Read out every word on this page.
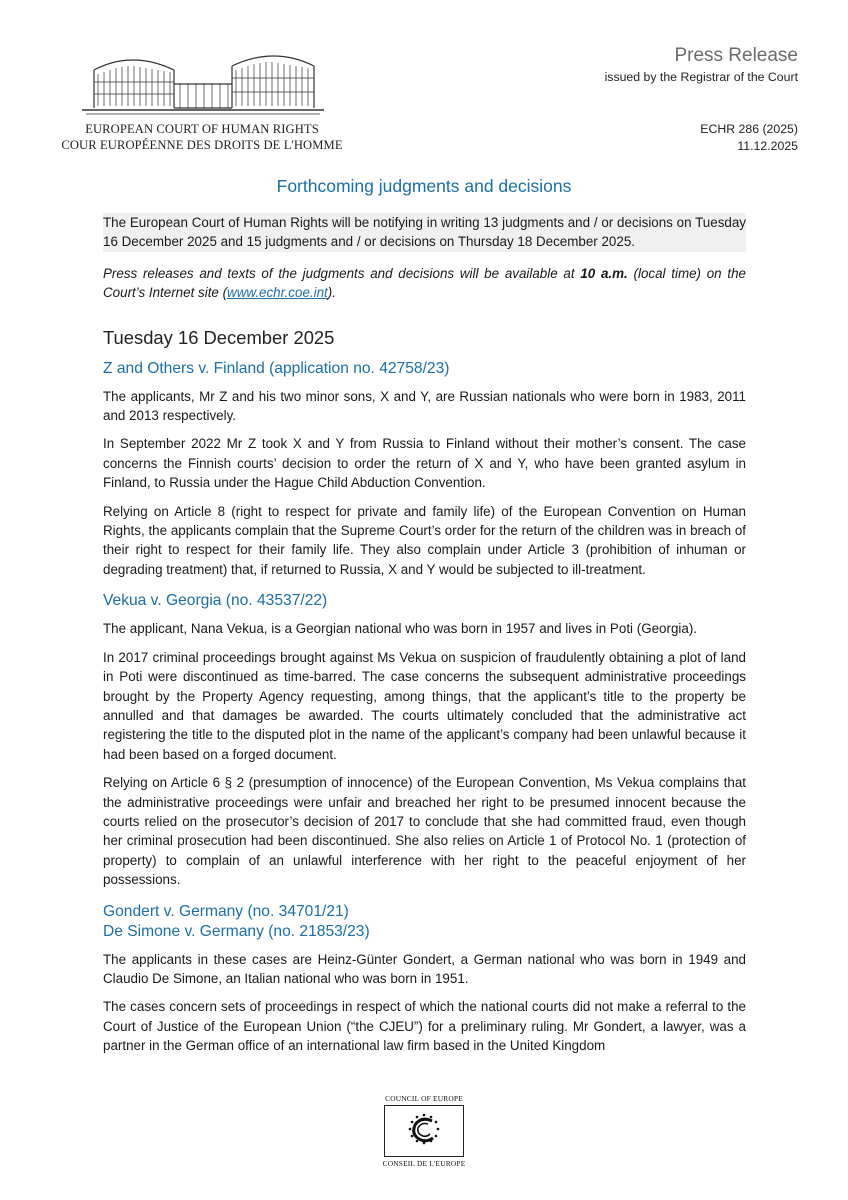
EUROPEAN COURT OF HUMAN RIGHTS
COUR EUROPÉENNE DES DROITS DE L'HOMME
Press Release
issued by the Registrar of the Court
ECHR 286 (2025)
11.12.2025
Forthcoming judgments and decisions

The European Court of Human Rights will be notifying in writing 13 judgments and / or decisions on Tuesday 16 December 2025 and 15 judgments and / or decisions on Thursday 18 December 2025.

Press releases and texts of the judgments and decisions will be available at 10 a.m. (local time) on the Court’s Internet site (www.echr.coe.int).

Tuesday 16 December 2025
Z and Others v. Finland (application no. 42758/23)

The applicants, Mr Z and his two minor sons, X and Y, are Russian nationals who were born in 1983, 2011 and 2013 respectively.

In September 2022 Mr Z took X and Y from Russia to Finland without their mother’s consent. The case concerns the Finnish courts’ decision to order the return of X and Y, who have been granted asylum in Finland, to Russia under the Hague Child Abduction Convention.

Relying on Article 8 (right to respect for private and family life) of the European Convention on Human Rights, the applicants complain that the Supreme Court’s order for the return of the children was in breach of their right to respect for their family life. They also complain under Article 3 (prohibition of inhuman or degrading treatment) that, if returned to Russia, X and Y would be subjected to ill-treatment.

Vekua v. Georgia (no. 43537/22)

The applicant, Nana Vekua, is a Georgian national who was born in 1957 and lives in Poti (Georgia).

In 2017 criminal proceedings brought against Ms Vekua on suspicion of fraudulently obtaining a plot of land in Poti were discontinued as time-barred. The case concerns the subsequent administrative proceedings brought by the Property Agency requesting, among things, that the applicant’s title to the property be annulled and that damages be awarded. The courts ultimately concluded that the administrative act registering the title to the disputed plot in the name of the applicant’s company had been unlawful because it had been based on a forged document.

Relying on Article 6 § 2 (presumption of innocence) of the European Convention, Ms Vekua complains that the administrative proceedings were unfair and breached her right to be presumed innocent because the courts relied on the prosecutor’s decision of 2017 to conclude that she had committed fraud, even though her criminal prosecution had been discontinued. She also relies on Article 1 of Protocol No. 1 (protection of property) to complain of an unlawful interference with her right to the peaceful enjoyment of her possessions.

Gondert v. Germany (no. 34701/21)
De Simone v. Germany (no. 21853/23)

The applicants in these cases are Heinz-Günter Gondert, a German national who was born in 1949 and Claudio De Simone, an Italian national who was born in 1951.

The cases concern sets of proceedings in respect of which the national courts did not make a referral to the Court of Justice of the European Union (“the CJEU”) for a preliminary ruling. Mr Gondert, a lawyer, was a partner in the German office of an international law firm based in the United Kingdom

COUNCIL OF EUROPE
CONSEIL DE L'EUROPE
